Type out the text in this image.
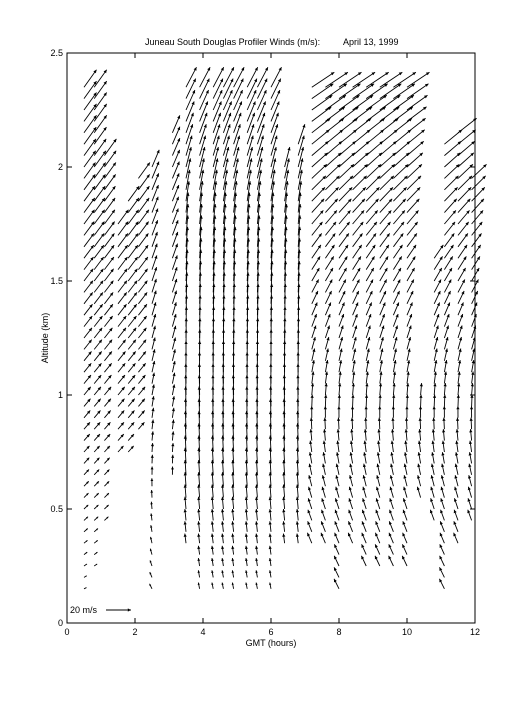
Juneau South Douglas Profiler Winds (m/s):	April 13, 1999
0	2	4	6	8	10	12
0
0.5
1
1.5
2
2.5
GMT (hours)
Altitude (km)
20 m/s
